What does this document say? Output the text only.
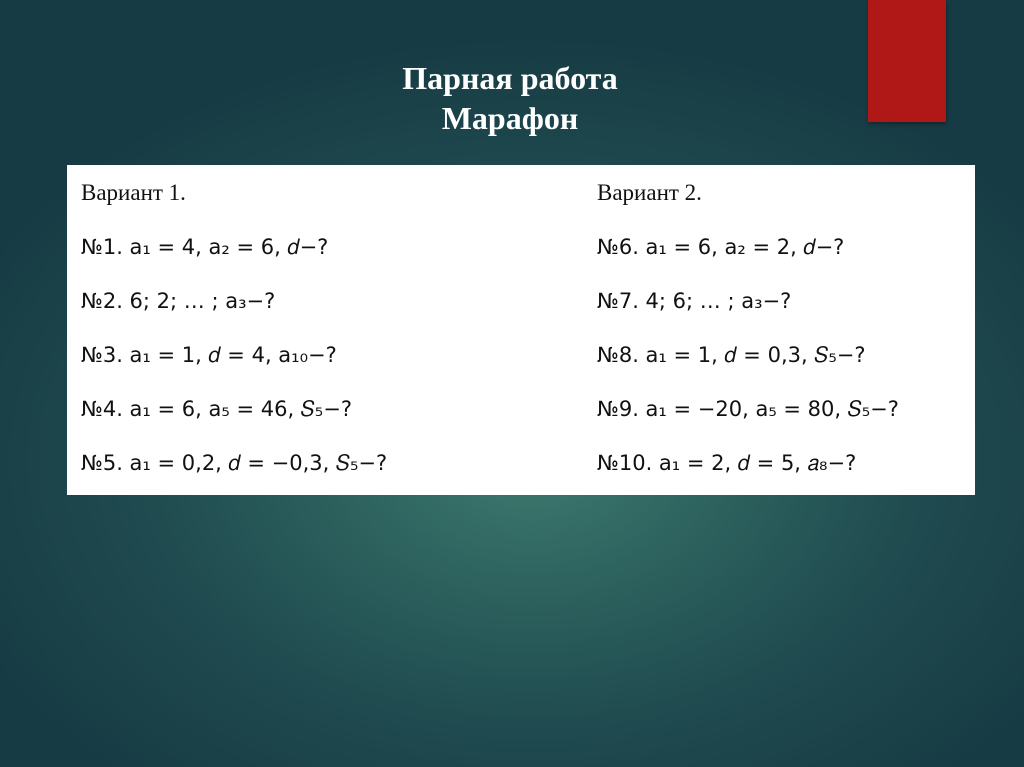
Парная работа
Марафон
Вариант 1.
№1. a₁ = 4, a₂ = 6, 𝑑−?
№2. 6; 2; … ; a₃−?
№3. a₁ = 1, 𝑑 = 4, a₁₀−?
№4. a₁ = 6, a₅ = 46, 𝑆₅−?
№5. a₁ = 0,2, 𝑑 = −0,3, 𝑆₅−?
Вариант 2.
№6. a₁ = 6, a₂ = 2, 𝑑−?
№7. 4; 6; … ; a₃−?
№8. a₁ = 1, 𝑑 = 0,3, 𝑆₅−?
№9. a₁ = −20, a₅ = 80, 𝑆₅−?
№10. a₁ = 2, 𝑑 = 5, 𝑎₈−?
